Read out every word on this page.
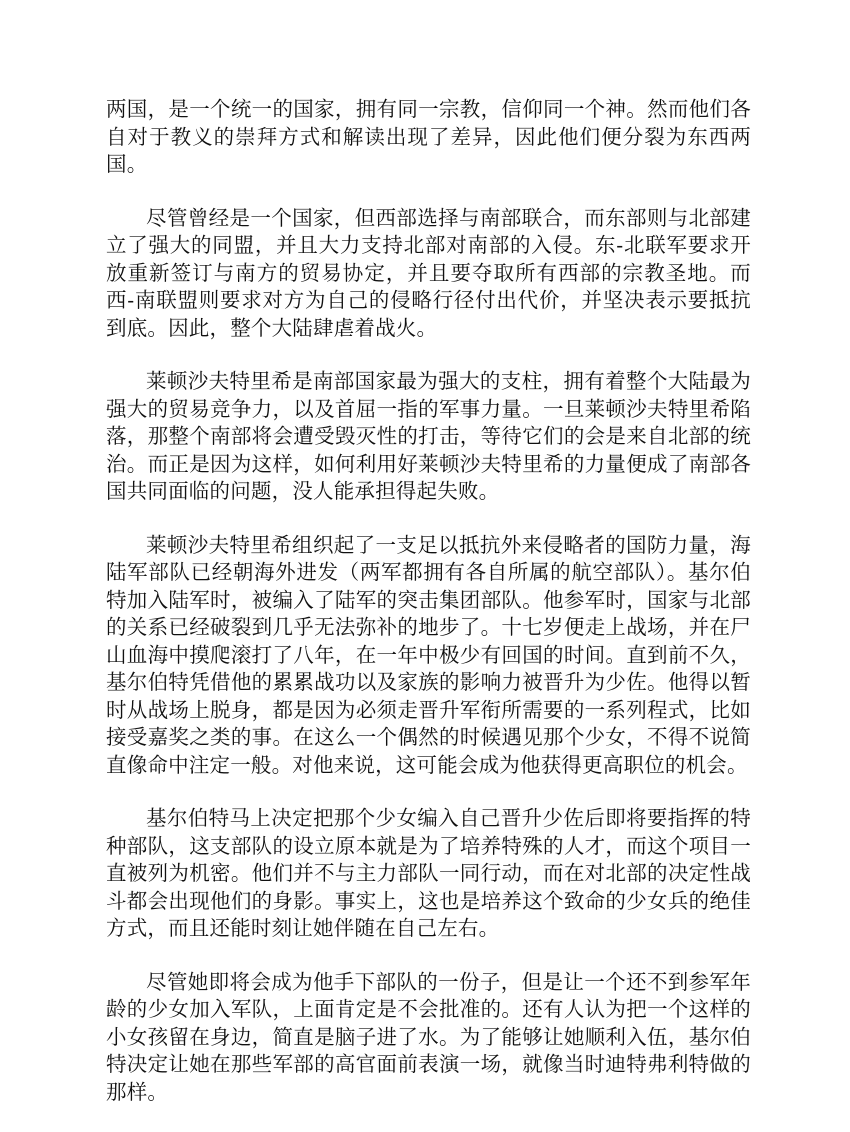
两国，是一个统一的国家，拥有同一宗教，信仰同一个神。然而他们各自对于教义的崇拜方式和解读出现了差异，因此他们便分裂为东西两国。

尽管曾经是一个国家，但西部选择与南部联合，而东部则与北部建立了强大的同盟，并且大力支持北部对南部的入侵。东-北联军要求开放重新签订与南方的贸易协定，并且要夺取所有西部的宗教圣地。而西-南联盟则要求对方为自己的侵略行径付出代价，并坚决表示要抵抗到底。因此，整个大陆肆虐着战火。

莱顿沙夫特里希是南部国家最为强大的支柱，拥有着整个大陆最为强大的贸易竞争力，以及首屈一指的军事力量。一旦莱顿沙夫特里希陷落，那整个南部将会遭受毁灭性的打击，等待它们的会是来自北部的统治。而正是因为这样，如何利用好莱顿沙夫特里希的力量便成了南部各国共同面临的问题，没人能承担得起失败。

莱顿沙夫特里希组织起了一支足以抵抗外来侵略者的国防力量，海陆军部队已经朝海外进发（两军都拥有各自所属的航空部队）。基尔伯特加入陆军时，被编入了陆军的突击集团部队。他参军时，国家与北部的关系已经破裂到几乎无法弥补的地步了。十七岁便走上战场，并在尸山血海中摸爬滚打了八年，在一年中极少有回国的时间。直到前不久，基尔伯特凭借他的累累战功以及家族的影响力被晋升为少佐。他得以暂时从战场上脱身，都是因为必须走晋升军衔所需要的一系列程式，比如接受嘉奖之类的事。在这么一个偶然的时候遇见那个少女，不得不说简直像命中注定一般。对他来说，这可能会成为他获得更高职位的机会。

基尔伯特马上决定把那个少女编入自己晋升少佐后即将要指挥的特种部队，这支部队的设立原本就是为了培养特殊的人才，而这个项目一直被列为机密。他们并不与主力部队一同行动，而在对北部的决定性战斗都会出现他们的身影。事实上，这也是培养这个致命的少女兵的绝佳方式，而且还能时刻让她伴随在自己左右。

尽管她即将会成为他手下部队的一份子，但是让一个还不到参军年龄的少女加入军队，上面肯定是不会批准的。还有人认为把一个这样的小女孩留在身边，简直是脑子进了水。为了能够让她顺利入伍，基尔伯特决定让她在那些军部的高官面前表演一场，就像当时迪特弗利特做的那样。
